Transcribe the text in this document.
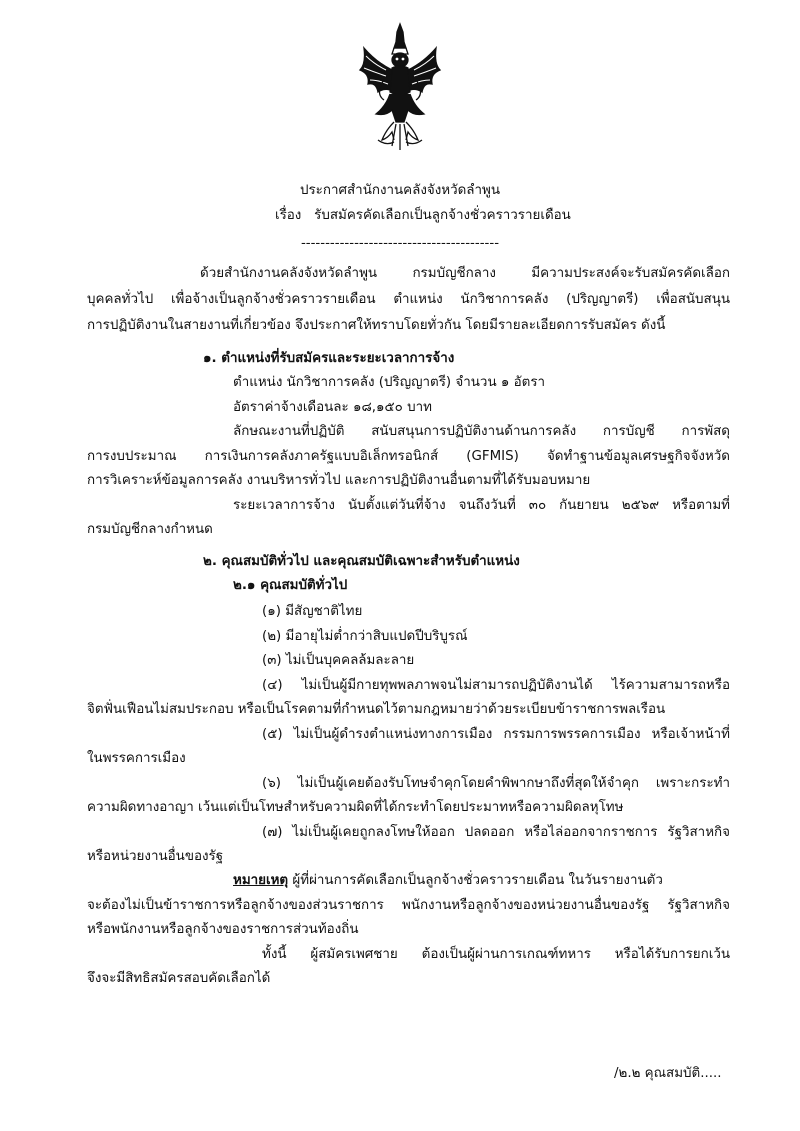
ประกาศสำนักงานคลังจังหวัดลำพูน
เรื่อง รับสมัครคัดเลือกเป็นลูกจ้างชั่วคราวรายเดือน
-----------------------------------------
ด้วยสำนักงานคลังจังหวัดลำพูน กรมบัญชีกลาง มีความประสงค์จะรับสมัครคัดเลือก
บุคคลทั่วไป เพื่อจ้างเป็นลูกจ้างชั่วคราวรายเดือน ตำแหน่ง นักวิชาการคลัง (ปริญญาตรี) เพื่อสนับสนุน
การปฏิบัติงานในสายงานที่เกี่ยวข้อง จึงประกาศให้ทราบโดยทั่วกัน โดยมีรายละเอียดการรับสมัคร ดังนี้
๑. ตำแหน่งที่รับสมัครและระยะเวลาการจ้าง
ตำแหน่ง นักวิชาการคลัง (ปริญญาตรี) จำนวน ๑ อัตรา
อัตราค่าจ้างเดือนละ ๑๘,๑๕๐ บาท
ลักษณะงานที่ปฏิบัติ สนับสนุนการปฏิบัติงานด้านการคลัง การบัญชี การพัสดุ
การงบประมาณ การเงินการคลังภาครัฐแบบอิเล็กทรอนิกส์ (GFMIS) จัดทำฐานข้อมูลเศรษฐกิจจังหวัด
การวิเคราะห์ข้อมูลการคลัง งานบริหารทั่วไป และการปฏิบัติงานอื่นตามที่ได้รับมอบหมาย
ระยะเวลาการจ้าง นับตั้งแต่วันที่จ้าง จนถึงวันที่ ๓๐ กันยายน ๒๕๖๙ หรือตามที่
กรมบัญชีกลางกำหนด
๒. คุณสมบัติทั่วไป และคุณสมบัติเฉพาะสำหรับตำแหน่ง
๒.๑ คุณสมบัติทั่วไป
(๑) มีสัญชาติไทย
(๒) มีอายุไม่ต่ำกว่าสิบแปดปีบริบูรณ์
(๓) ไม่เป็นบุคคลล้มละลาย
(๔) ไม่เป็นผู้มีกายทุพพลภาพจนไม่สามารถปฏิบัติงานได้ ไร้ความสามารถหรือ
จิตฟั่นเฟือนไม่สมประกอบ หรือเป็นโรคตามที่กำหนดไว้ตามกฎหมายว่าด้วยระเบียบข้าราชการพลเรือน
(๕) ไม่เป็นผู้ดำรงตำแหน่งทางการเมือง กรรมการพรรคการเมือง หรือเจ้าหน้าที่
ในพรรคการเมือง
(๖) ไม่เป็นผู้เคยต้องรับโทษจำคุกโดยคำพิพากษาถึงที่สุดให้จำคุก เพราะกระทำ
ความผิดทางอาญา เว้นแต่เป็นโทษสำหรับความผิดที่ได้กระทำโดยประมาทหรือความผิดลหุโทษ
(๗) ไม่เป็นผู้เคยถูกลงโทษให้ออก ปลดออก หรือไล่ออกจากราชการ รัฐวิสาหกิจ
หรือหน่วยงานอื่นของรัฐ
หมายเหตุ ผู้ที่ผ่านการคัดเลือกเป็นลูกจ้างชั่วคราวรายเดือน ในวันรายงานตัว
จะต้องไม่เป็นข้าราชการหรือลูกจ้างของส่วนราชการ พนักงานหรือลูกจ้างของหน่วยงานอื่นของรัฐ รัฐวิสาหกิจ
หรือพนักงานหรือลูกจ้างของราชการส่วนท้องถิ่น
ทั้งนี้ ผู้สมัครเพศชาย ต้องเป็นผู้ผ่านการเกณฑ์ทหาร หรือได้รับการยกเว้น
จึงจะมีสิทธิสมัครสอบคัดเลือกได้
/๒.๒ คุณสมบัติ.....
